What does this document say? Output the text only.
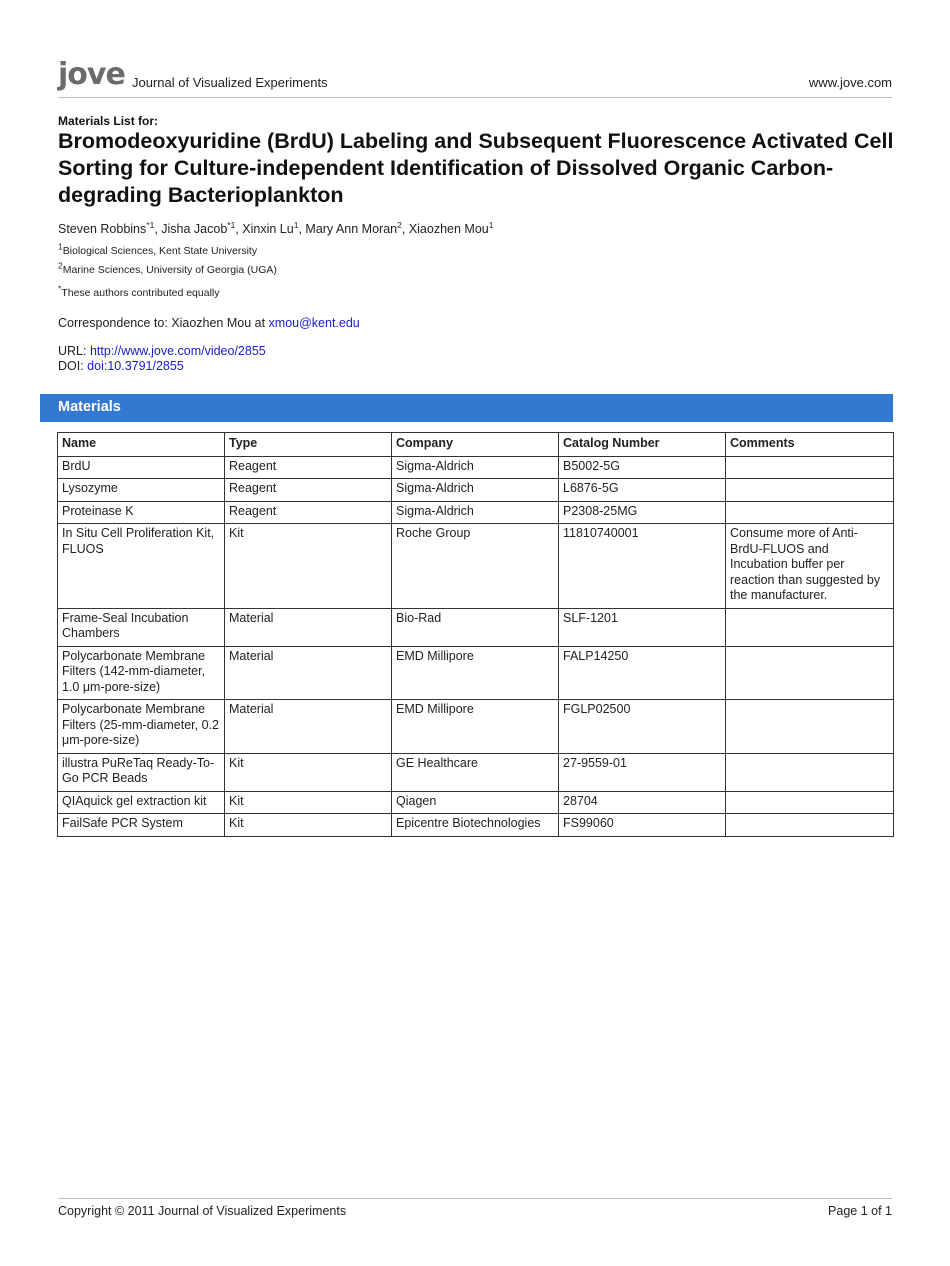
jove Journal of Visualized Experiments	www.jove.com
Materials List for:
Bromodeoxyuridine (BrdU) Labeling and Subsequent Fluorescence Activated Cell Sorting for Culture-independent Identification of Dissolved Organic Carbon-degrading Bacterioplankton
Steven Robbins$^{*1}$, Jisha Jacob$^{*1}$, Xinxin Lu$^1$, Mary Ann Moran$^2$, Xiaozhen Mou$^1$
$^1$Biological Sciences, Kent State University
$^2$Marine Sciences, University of Georgia (UGA)
*These authors contributed equally
Correspondence to: Xiaozhen Mou at xmou@kent.edu
URL: http://www.jove.com/video/2855
DOI: doi:10.3791/2855
Materials
Name	Type	Company	Catalog Number	Comments
BrdU	Reagent	Sigma-Aldrich	B5002-5G	
Lysozyme	Reagent	Sigma-Aldrich	L6876-5G	
Proteinase K	Reagent	Sigma-Aldrich	P2308-25MG	
In Situ Cell Proliferation Kit, FLUOS	Kit	Roche Group	11810740001	Consume more of Anti-BrdU-FLUOS and Incubation buffer per reaction than suggested by the manufacturer.
Frame-Seal Incubation Chambers	Material	Bio-Rad	SLF-1201	
Polycarbonate Membrane Filters (142-mm-diameter, 1.0 μm-pore-size)	Material	EMD Millipore	FALP14250	
Polycarbonate Membrane Filters (25-mm-diameter, 0.2 μm-pore-size)	Material	EMD Millipore	FGLP02500	
illustra PuReTaq Ready-To-Go PCR Beads	Kit	GE Healthcare	27-9559-01	
QIAquick gel extraction kit	Kit	Qiagen	28704	
FailSafe PCR System	Kit	Epicentre Biotechnologies	FS99060	
Copyright © 2011 Journal of Visualized Experiments	Page 1 of 1
